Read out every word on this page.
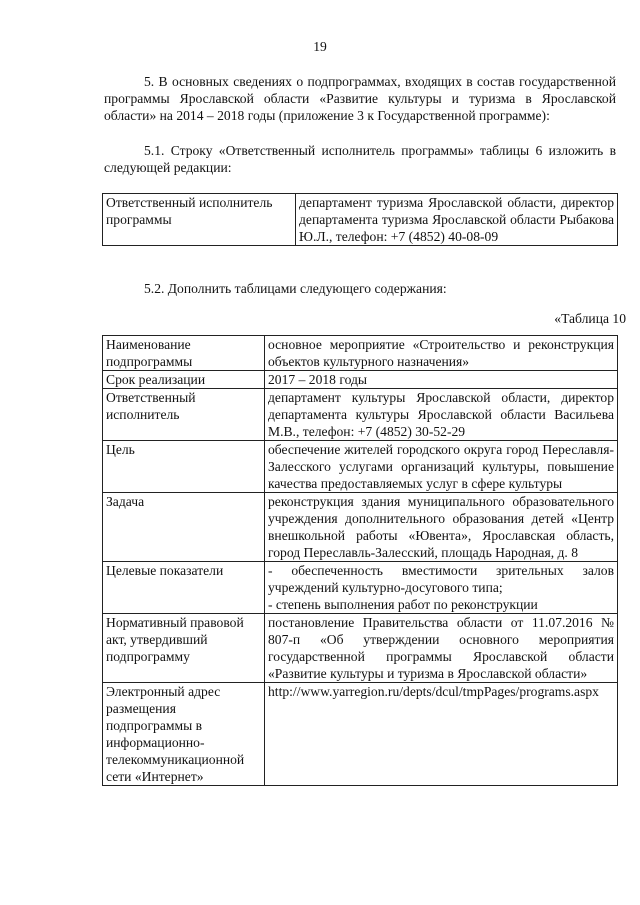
19

5. В основных сведениях о подпрограммах, входящих в состав государственной программы Ярославской области «Развитие культуры и туризма в Ярославской области» на 2014 – 2018 годы (приложение 3 к Государственной программе):

5.1. Строку «Ответственный исполнитель программы» таблицы 6 изложить в следующей редакции:

Ответственный исполнитель программы	департамент туризма Ярославской области, директор департамента туризма Ярославской области Рыбакова Ю.Л., телефон: +7 (4852) 40-08-09

5.2. Дополнить таблицами следующего содержания:

«Таблица 10
Наименование подпрограммы	основное мероприятие «Строительство и реконструкция объектов культурного назначения»
Срок реализации	2017 – 2018 годы
Ответственный исполнитель	департамент культуры Ярославской области, директор департамента культуры Ярославской области Васильева М.В., телефон: +7 (4852) 30-52-29
Цель	обеспечение жителей городского округа город Переславля-Залесского услугами организаций культуры, повышение качества предоставляемых услуг в сфере культуры
Задача	реконструкция здания муниципального образовательного учреждения дополнительного образования детей «Центр внешкольной работы «Ювента», Ярославская область, город Переславль-Залесский, площадь Народная, д. 8
Целевые показатели	- обеспеченность вместимости зрительных залов учреждений культурно-досугового типа;
- степень выполнения работ по реконструкции

Нормативный правовой акт, утвердивший подпрограмму	постановление Правительства области от 11.07.2016 № 807-п «Об утверждении основного мероприятия государственной программы Ярославской области «Развитие культуры и туризма в Ярославской области»
Электронный адрес размещения подпрограммы в информационно-телекоммуникационной сети «Интернет»	http://www.yarregion.ru/depts/dcul/tmpPages/programs.aspx
